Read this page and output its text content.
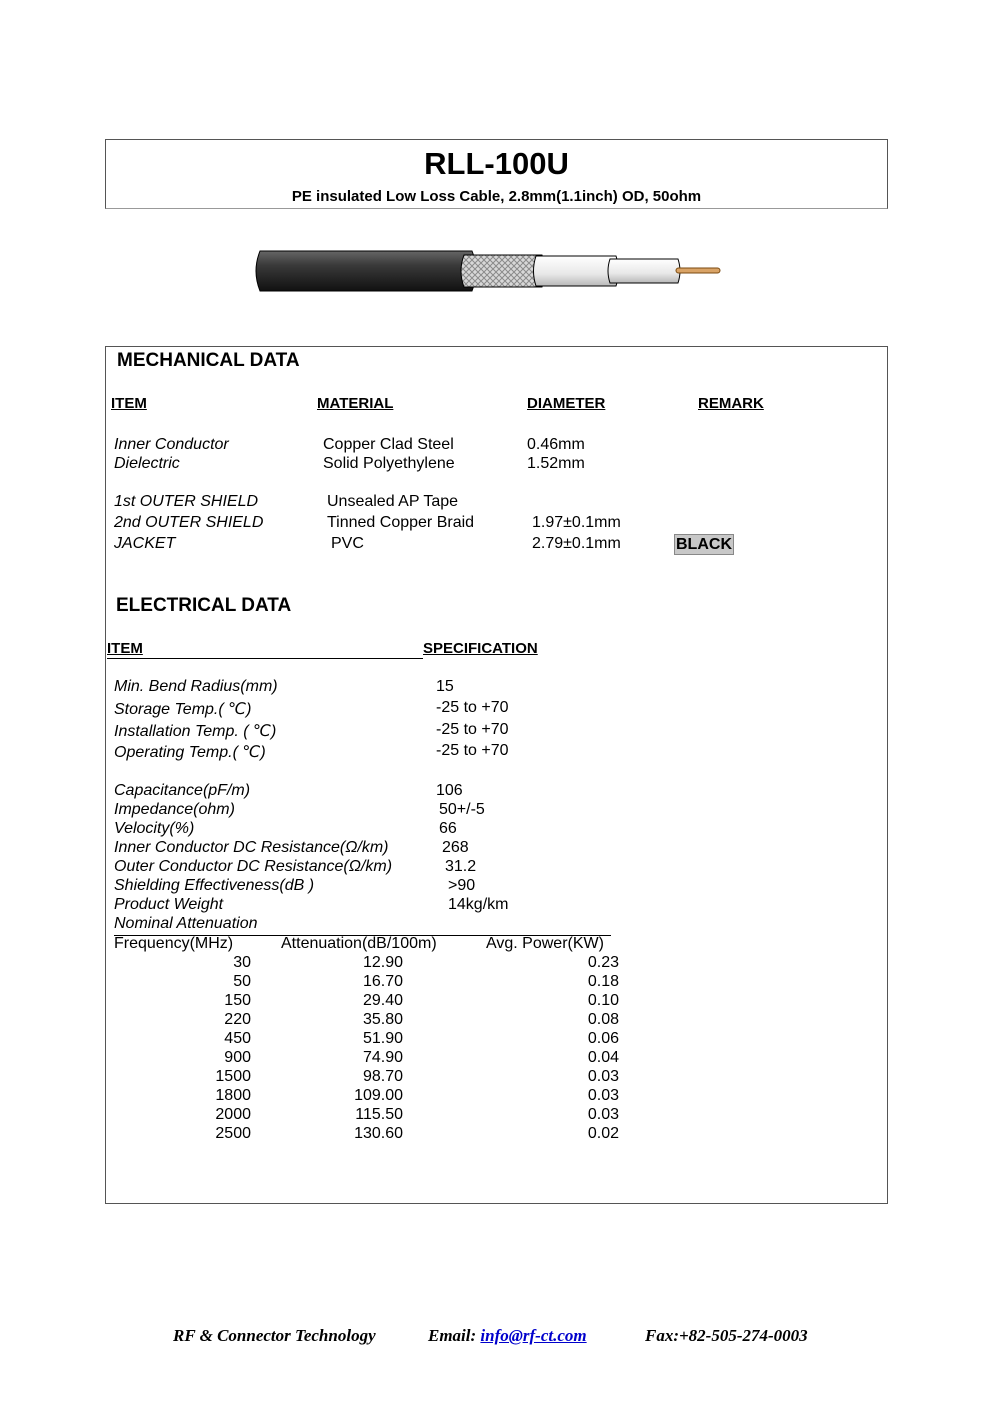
RLL-100U
PE insulated Low Loss Cable, 2.8mm(1.1inch) OD, 50ohm
MECHANICAL DATA
ITEM	MATERIAL	DIAMETER	REMARK
Inner Conductor	Copper Clad Steel	0.46mm
Dielectric	Solid Polyethylene	1.52mm
1st OUTER SHIELD	Unsealed AP Tape
2nd OUTER SHIELD	Tinned Copper Braid	1.97±0.1mm
JACKET	PVC	2.79±0.1mm	BLACK
ELECTRICAL DATA
ITEM	SPECIFICATION
Min. Bend Radius(mm)	15
Storage Temp.( ℃)	-25 to +70
Installation Temp. ( ℃)	-25 to +70
Operating Temp.( ℃)	-25 to +70
Capacitance(pF/m)	106
Impedance(ohm)	50+/-5
Velocity(%)	66
Inner Conductor DC Resistance(Ω/km)	268
Outer Conductor DC Resistance(Ω/km)	31.2
Shielding Effectiveness(dB )	>90
Product Weight	14kg/km
Nominal Attenuation
Frequency(MHz)	Attenuation(dB/100m)	Avg. Power(KW)
30	12.90	0.23
50	16.70	0.18
150	29.40	0.10
220	35.80	0.08
450	51.90	0.06
900	74.90	0.04
1500	98.70	0.03
1800	109.00	0.03
2000	115.50	0.03
2500	130.60	0.02
RF & Connector Technology	Email: info@rf-ct.com	Fax:+82-505-274-0003
